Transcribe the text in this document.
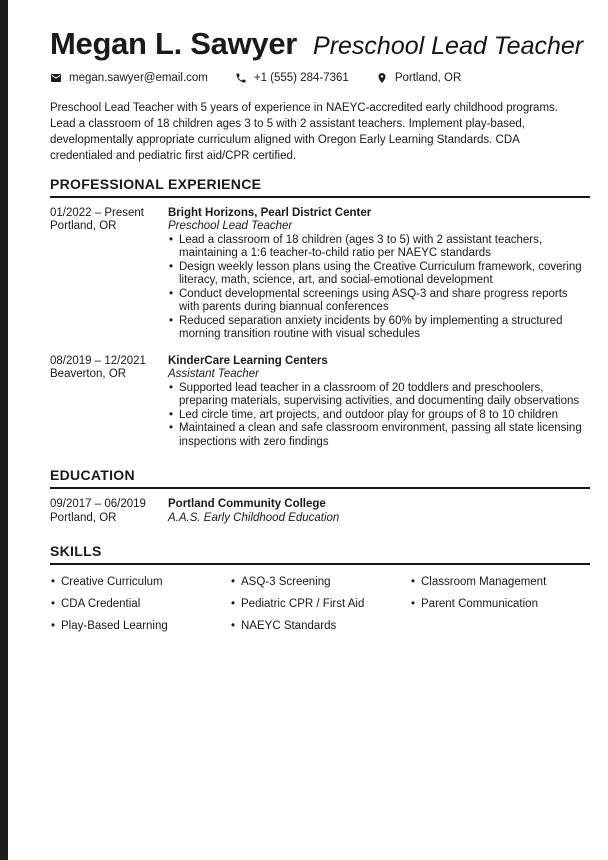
Megan L. Sawyer Preschool Lead Teacher
megan.sawyer@email.com	+1 (555) 284-7361	Portland, OR

Preschool Lead Teacher with 5 years of experience in NAEYC-accredited early childhood programs. Lead a classroom of 18 children ages 3 to 5 with 2 assistant teachers. Implement play-based, developmentally appropriate curriculum aligned with Oregon Early Learning Standards. CDA credentialed and pediatric first aid/CPR certified.

PROFESSIONAL EXPERIENCE
01/2022 – Present
Portland, OR
Bright Horizons, Pearl District Center
Preschool Lead Teacher
• Lead a classroom of 18 children (ages 3 to 5) with 2 assistant teachers, maintaining a 1:6 teacher-to-child ratio per NAEYC standards
• Design weekly lesson plans using the Creative Curriculum framework, covering literacy, math, science, art, and social-emotional development
• Conduct developmental screenings using ASQ-3 and share progress reports with parents during biannual conferences
• Reduced separation anxiety incidents by 60% by implementing a structured morning transition routine with visual schedules
08/2019 – 12/2021
Beaverton, OR
KinderCare Learning Centers
Assistant Teacher
• Supported lead teacher in a classroom of 20 toddlers and preschoolers, preparing materials, supervising activities, and documenting daily observations
• Led circle time, art projects, and outdoor play for groups of 8 to 10 children
• Maintained a clean and safe classroom environment, passing all state licensing inspections with zero findings
EDUCATION
09/2017 – 06/2019
Portland, OR
Portland Community College
A.A.S. Early Childhood Education
SKILLS
• Creative Curriculum
• CDA Credential
• Play-Based Learning
• ASQ-3 Screening
• Pediatric CPR / First Aid
• NAEYC Standards
• Classroom Management
• Parent Communication
